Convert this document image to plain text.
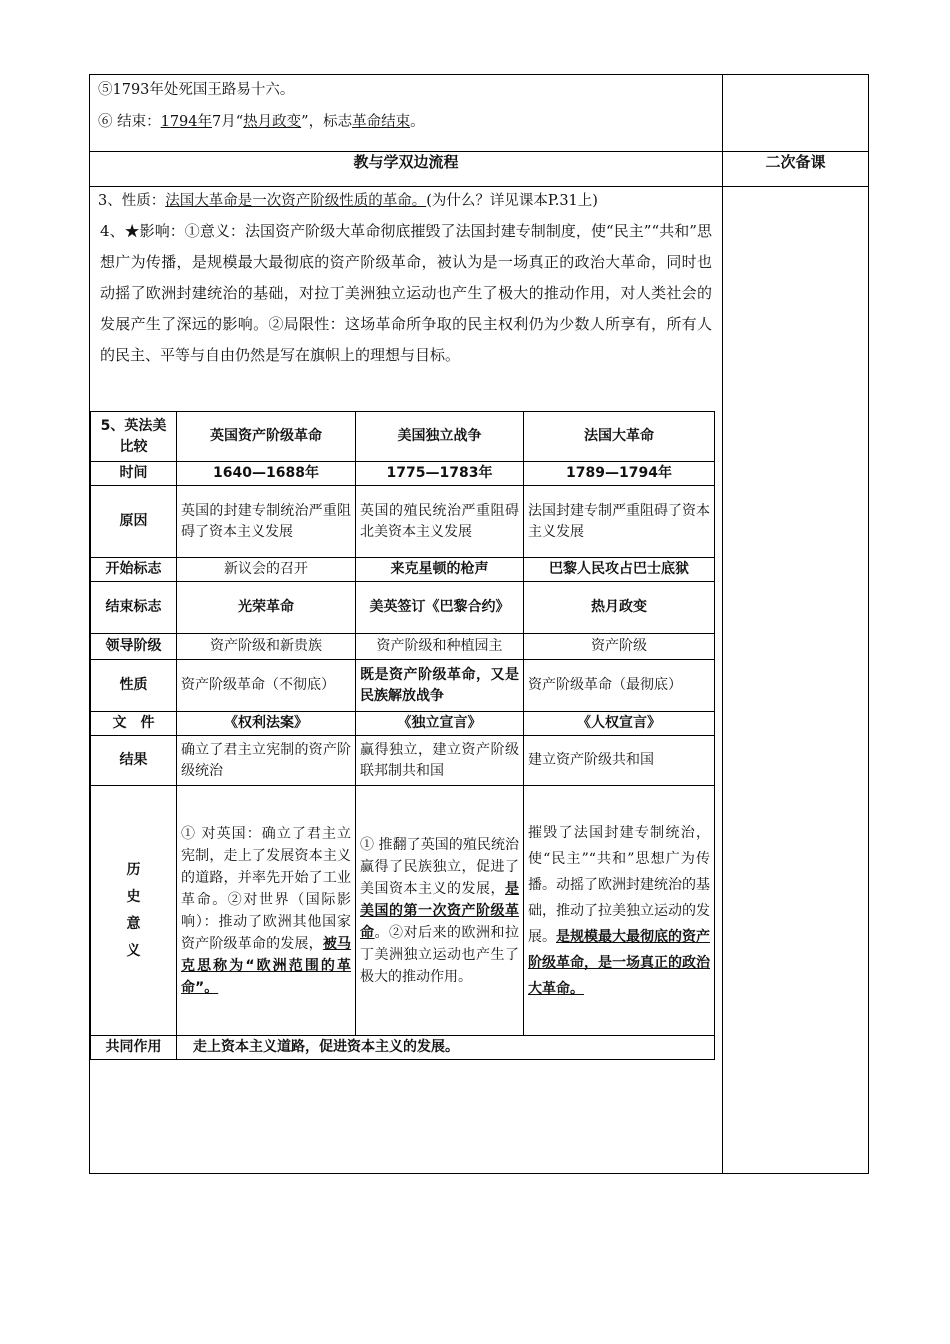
⑤1793年处死国王路易十六。
⑥ 结束：1794年7月“热月政变”，标志革命结束。

教与学双边流程	二次备课

3、性质：法国大革命是一次资产阶级性质的革命。(为什么？详见课本P.31上)
4、★影响：①意义：法国资产阶级大革命彻底摧毁了法国封建专制制度，使“民主”“共和”思想广为传播，是规模最大最彻底的资产阶级革命，被认为是一场真正的政治大革命，同时也动摇了欧洲封建统治的基础，对拉丁美洲独立运动也产生了极大的推动作用，对人类社会的发展产生了深远的影响。②局限性：这场革命所争取的民主权利仍为少数人所享有，所有人的民主、平等与自由仍然是写在旗帜上的理想与目标。
5、英法美比较	英国资产阶级革命	美国独立战争	法国大革命
时间	1640—1688年	1775—1783年	1789—1794年
原因	英国的封建专制统治严重阻碍了资本主义发展	英国的殖民统治严重阻碍北美资本主义发展	法国封建专制严重阻碍了资本主义发展
开始标志	新议会的召开	来克星顿的枪声	巴黎人民攻占巴士底狱
结束标志	光荣革命	美英签订《巴黎合约》	热月政变
领导阶级	资产阶级和新贵族	资产阶级和种植园主	资产阶级
性质	资产阶级革命（不彻底）	既是资产阶级革命，又是民族解放战争	资产阶级革命（最彻底）
文　件	《权利法案》	《独立宣言》	《人权宣言》
结果	确立了君主立宪制的资产阶级统治	赢得独立，建立资产阶级联邦制共和国	建立资产阶级共和国

历
史
意
义
	① 对英国：确立了君主立宪制，走上了发展资本主义的道路，并率先开始了工业革命。②对世界（国际影响）：推动了欧洲其他国家资产阶级革命的发展，被马克思称为“欧洲范围的革命”。	① 推翻了英国的殖民统治赢得了民族独立，促进了美国资本主义的发展，是美国的第一次资产阶级革命。②对后来的欧洲和拉丁美洲独立运动也产生了极大的推动作用。	摧毁了法国封建专制统治，使“民主”“共和”思想广为传播。动摇了欧洲封建统治的基础，推动了拉美独立运动的发展。是规模最大最彻底的资产阶级革命，是一场真正的政治大革命。
共同作用	走上资本主义道路，促进资本主义的发展。
